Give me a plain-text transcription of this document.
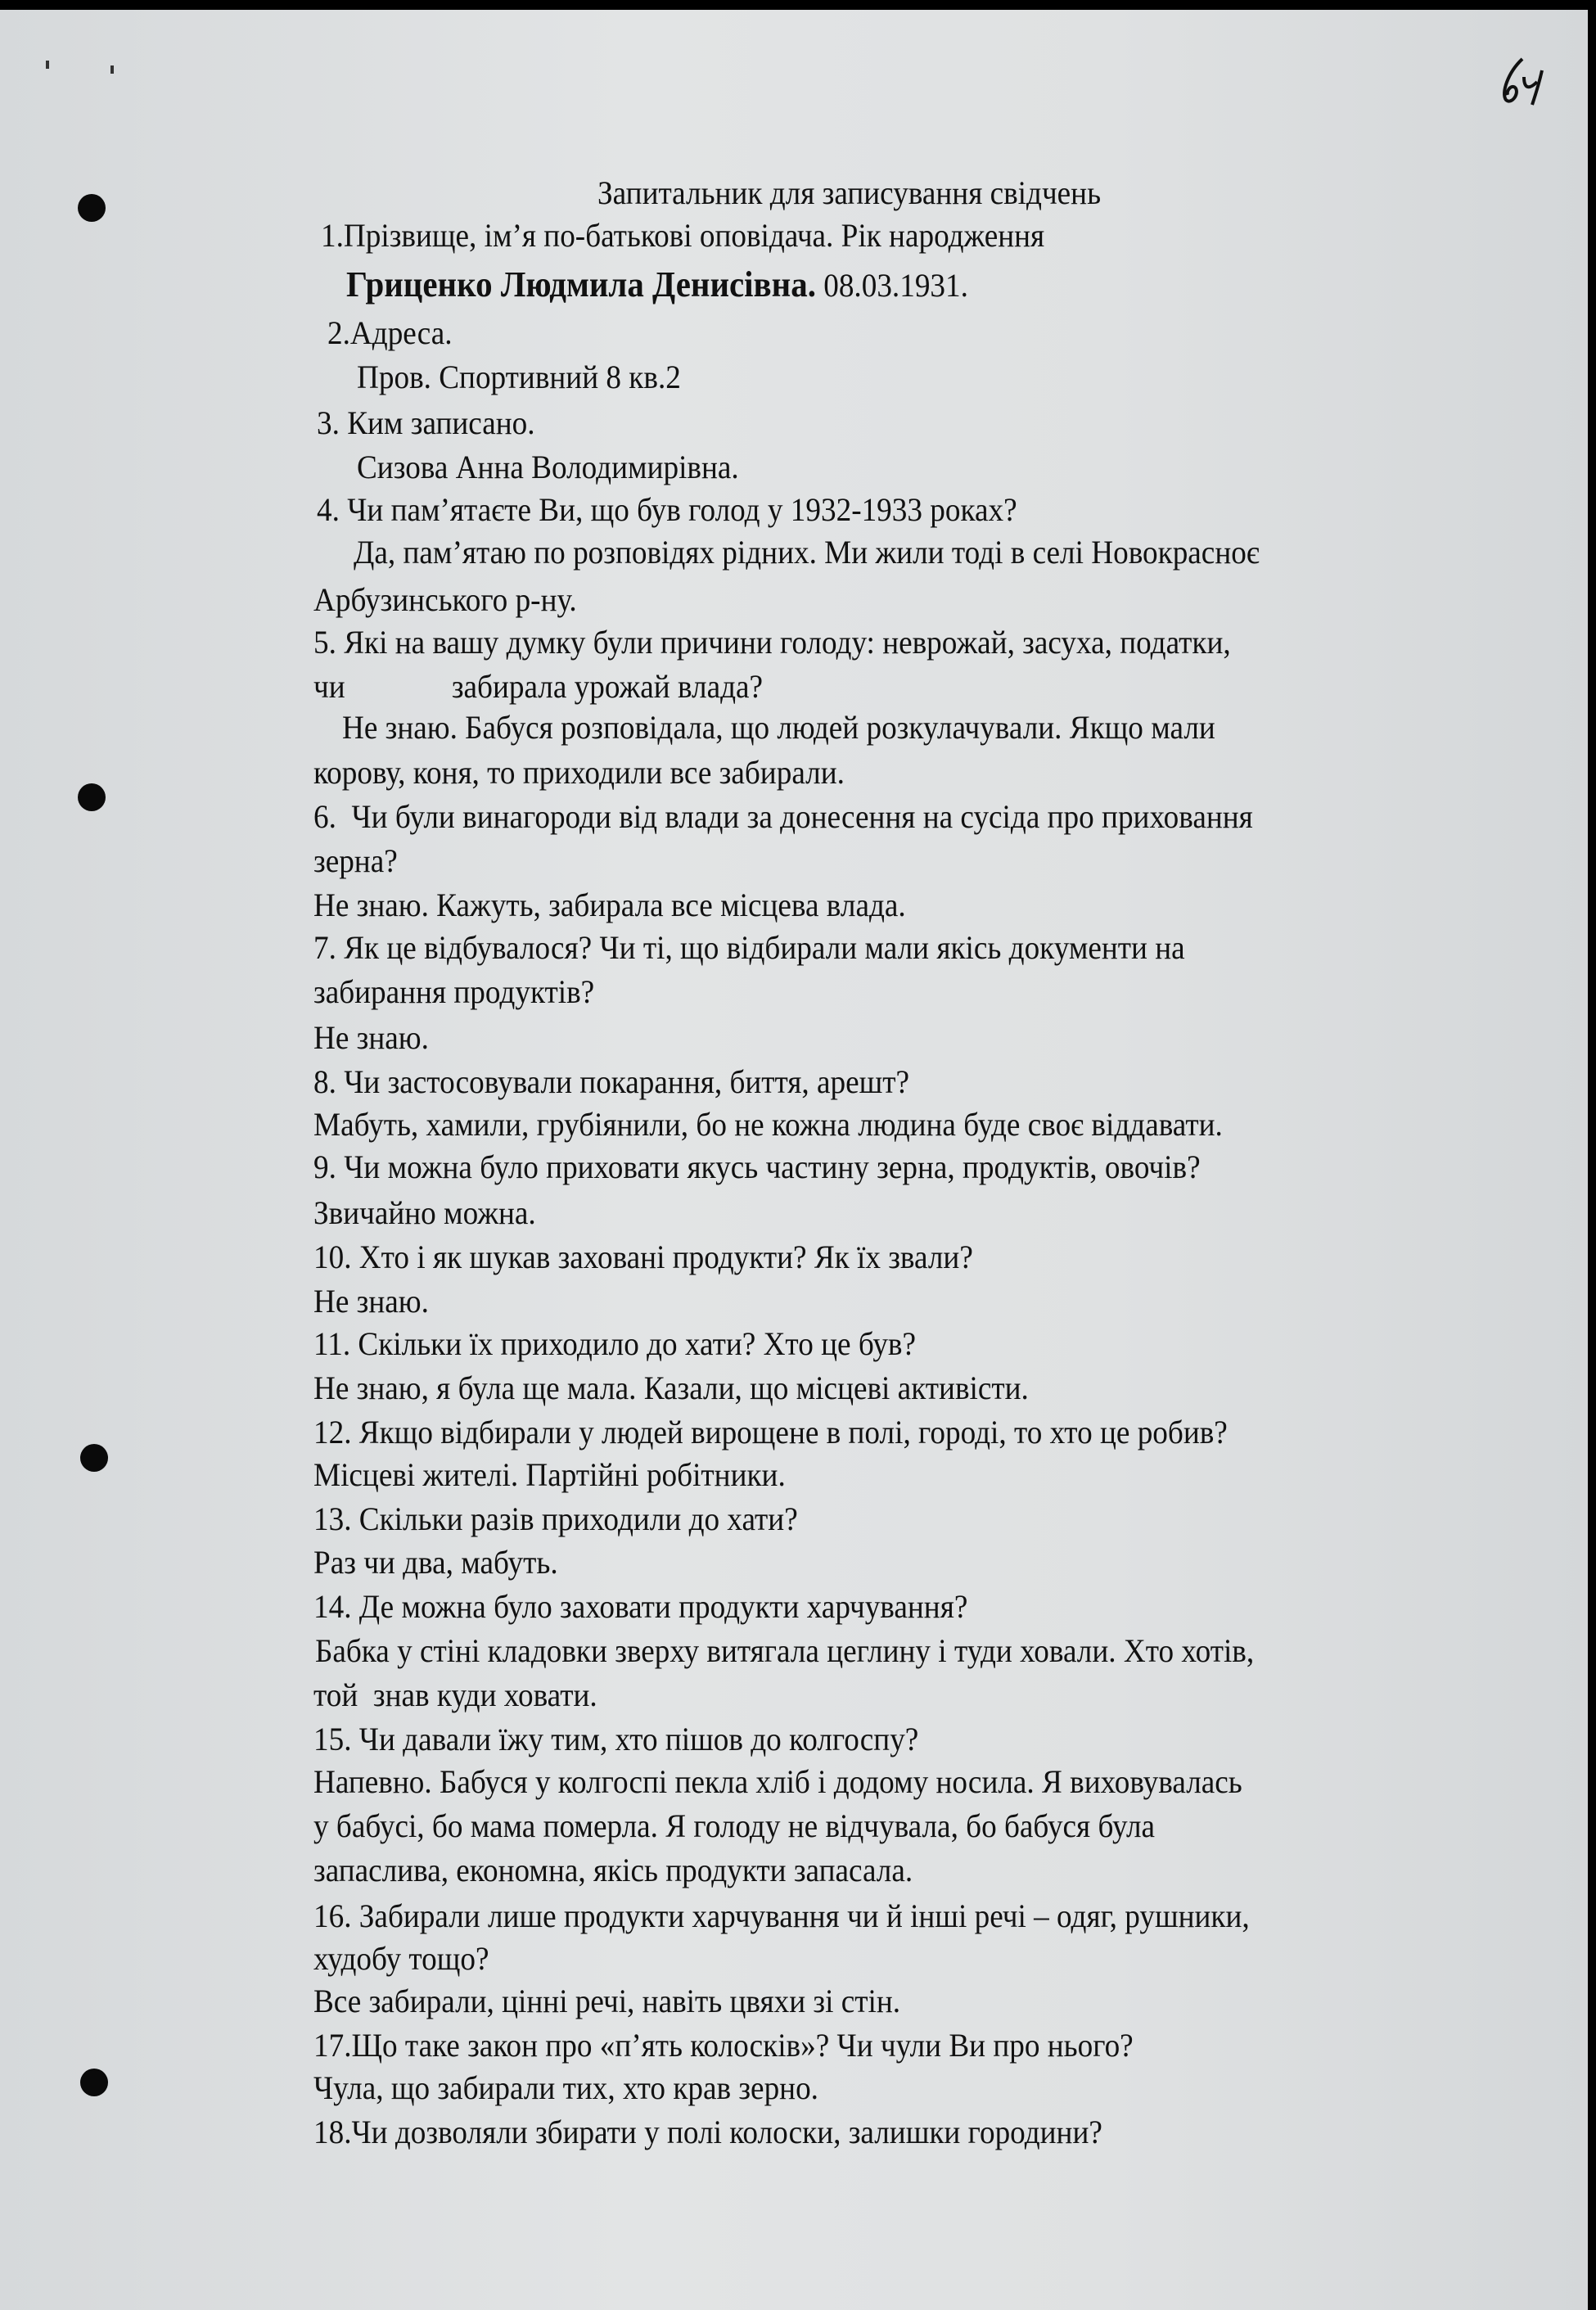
Запитальник для записування свідчень
Гриценко Людмила Денисівна. 08.03.1931.
1.Прізвище, ім’я по-батькові оповідача. Рік народження
2.Адреса.
Пров. Спортивний 8 кв.2
3. Ким записано.
Сизова Анна Володимирівна.
4. Чи пам’ятаєте Ви, що був голод у 1932-1933 роках?
Да, пам’ятаю по розповідях рідних. Ми жили тоді в селі Новокрасноє
Арбузинського р-ну.
5. Які на вашу думку були причини голоду: неврожай, засуха, податки,
чи              забирала урожай влада?
Не знаю. Бабуся розповідала, що людей розкулачували. Якщо мали
корову, коня, то приходили все забирали.
6.  Чи були винагороди від влади за донесення на сусіда про приховання
зерна?
Не знаю. Кажуть, забирала все місцева влада.
7. Як це відбувалося? Чи ті, що відбирали мали якісь документи на
забирання продуктів?
Не знаю.
8. Чи застосовували покарання, биття, арешт?
Мабуть, хамили, грубіянили, бо не кожна людина буде своє віддавати.
9. Чи можна було приховати якусь частину зерна, продуктів, овочів?
Звичайно можна.
10. Хто і як шукав заховані продукти? Як їх звали?
Не знаю.
11. Скільки їх приходило до хати? Хто це був?
Не знаю, я була ще мала. Казали, що місцеві активісти.
12. Якщо відбирали у людей вирощене в полі, городі, то хто це робив?
Місцеві жителі. Партійні робітники.
13. Скільки разів приходили до хати?
Раз чи два, мабуть.
14. Де можна було заховати продукти харчування?
Бабка у стіні кладовки зверху витягала цеглину і туди ховали. Хто хотів,
той  знав куди ховати.
15. Чи давали їжу тим, хто пішов до колгоспу?
Напевно. Бабуся у колгоспі пекла хліб і додому носила. Я виховувалась
у бабусі, бо мама померла. Я голоду не відчувала, бо бабуся була
запаслива, економна, якісь продукти запасала.
16. Забирали лише продукти харчування чи й інші речі – одяг, рушники,
худобу тощо?
Все забирали, цінні речі, навіть цвяхи зі стін.
17.Що таке закон про «п’ять колосків»? Чи чули Ви про нього?
Чула, що забирали тих, хто крав зерно.
18.Чи дозволяли збирати у полі колоски, залишки городини?
